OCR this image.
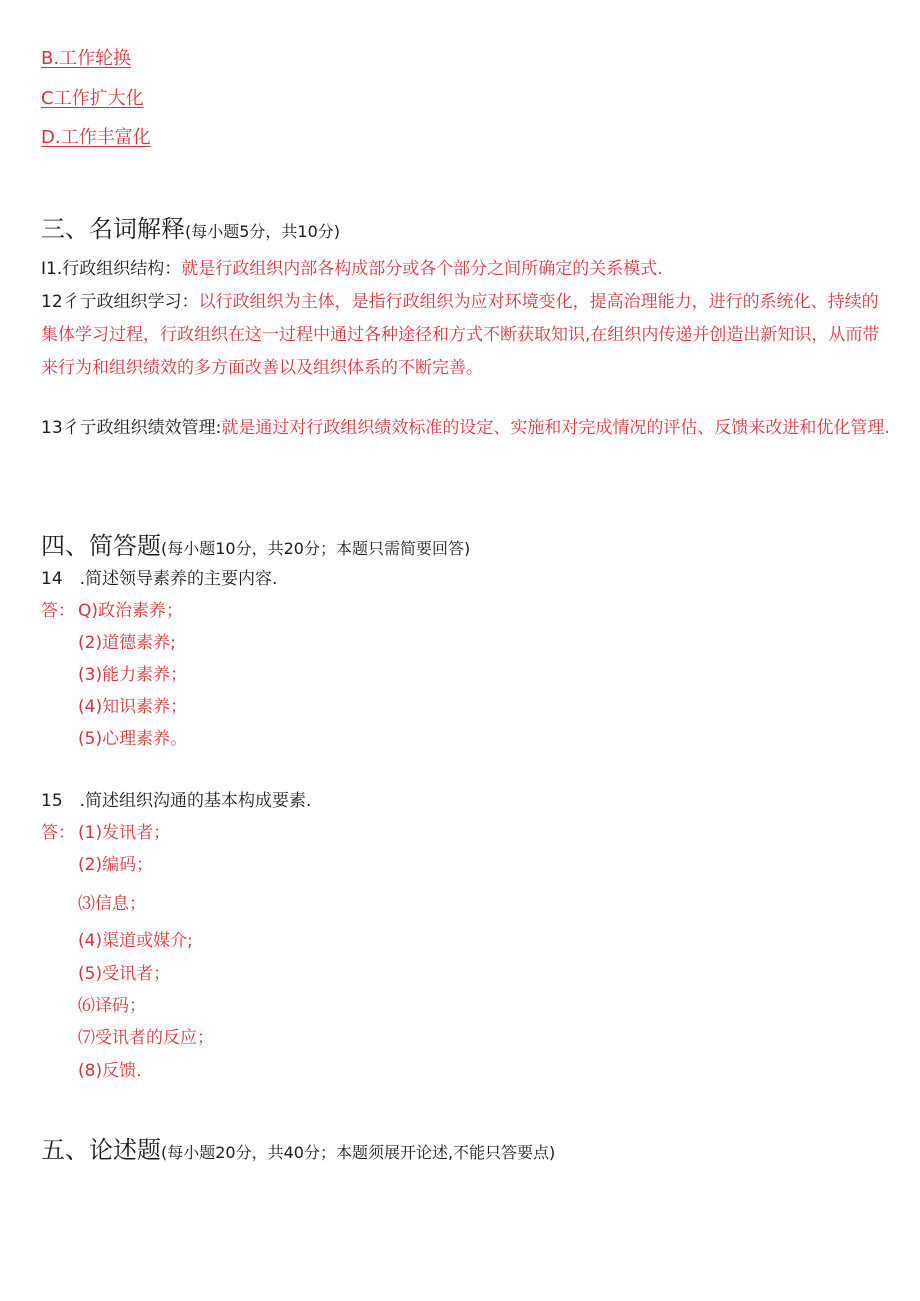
B.工作轮换
C工作扩大化
D.工作丰富化
三、名词解释(每小题5分，共10分)
I1.行政组织结构：就是行政组织内部各构成部分或各个部分之间所确定的关系模式.
12彳亍政组织学习：以行政组织为主体，是指行政组织为应对环境变化，提高治理能力，进行的系统化、持续的集体学习过程，行政组织在这一过程中通过各种途径和方式不断获取知识,在组织内传递并创造出新知识，从而带来行为和组织绩效的多方面改善以及组织体系的不断完善。
13彳亍政组织绩效管理:就是通过对行政组织绩效标准的设定、实施和对完成情况的评估、反馈来改进和优化管理.
四、简答题(每小题10分，共20分；本题只需简要回答)
14　.简述领导素养的主要内容.
答： Q)政治素养；
(2)道德素养;
(3)能力素养；
(4)知识素养；
(5)心理素养。
15　.简述组织沟通的基本构成要素.
答： (1)发讯者；
(2)编码；
⑶信息；
(4)渠道或媒介;
(5)受讯者；
⑹译码；
⑺受讯者的反应；
(8)反馈.
五、论述题(每小题20分，共40分；本题须展开论述,不能只答要点)
